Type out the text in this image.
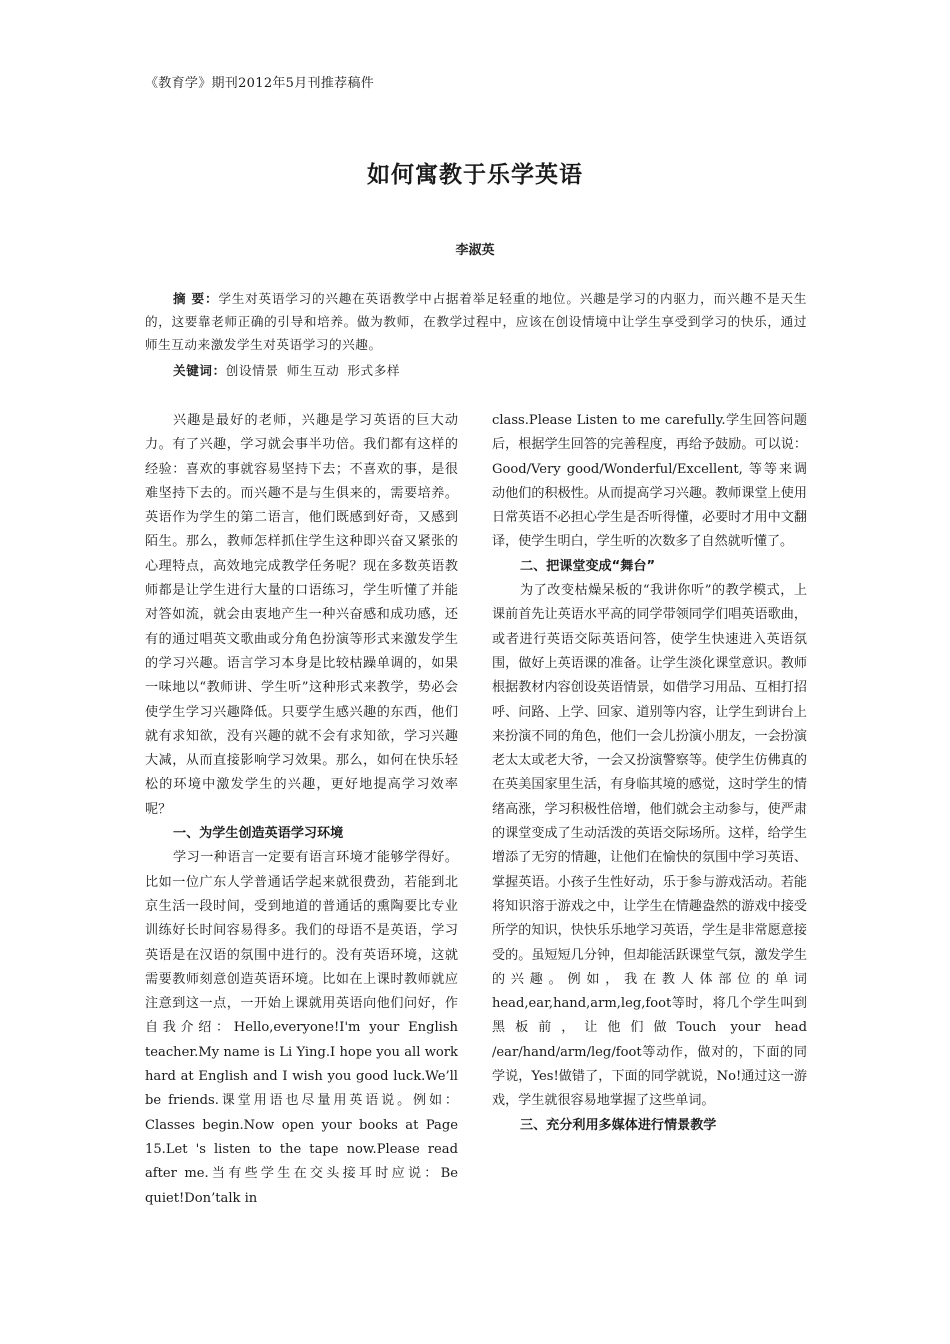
《教育学》期刊2012年5月刊推荐稿件
如何寓教于乐学英语
李淑英
摘 要：学生对英语学习的兴趣在英语教学中占据着举足轻重的地位。兴趣是学习的内驱力，而兴趣不是天生的，这要靠老师正确的引导和培养。做为教师，在教学过程中，应该在创设情境中让学生享受到学习的快乐，通过师生互动来激发学生对英语学习的兴趣。
关键词：创设情景 师生互动 形式多样

兴趣是最好的老师，兴趣是学习英语的巨大动力。有了兴趣，学习就会事半功倍。我们都有这样的经验：喜欢的事就容易坚持下去；不喜欢的事，是很难坚持下去的。而兴趣不是与生俱来的，需要培养。英语作为学生的第二语言，他们既感到好奇，又感到陌生。那么，教师怎样抓住学生这种即兴奋又紧张的心理特点，高效地完成教学任务呢？现在多数英语教师都是让学生进行大量的口语练习，学生听懂了并能对答如流，就会由衷地产生一种兴奋感和成功感，还有的通过唱英文歌曲或分角色扮演等形式来激发学生的学习兴趣。语言学习本身是比较枯躁单调的，如果一味地以“教师讲、学生听”这种形式来教学，势必会使学生学习兴趣降低。只要学生感兴趣的东西，他们就有求知欲，没有兴趣的就不会有求知欲，学习兴趣大减，从而直接影响学习效果。那么，如何在快乐轻松的环境中激发学生的兴趣，更好地提高学习效率呢？

一、为学生创造英语学习环境

学习一种语言一定要有语言环境才能够学得好。比如一位广东人学普通话学起来就很费劲，若能到北京生活一段时间，受到地道的普通话的熏陶要比专业训练好长时间容易得多。我们的母语不是英语，学习英语是在汉语的氛围中进行的。没有英语环境，这就需要教师刻意创造英语环境。比如在上课时教师就应注意到这一点，一开始上课就用英语向他们问好，作自我介绍：Hello,everyone!I'm your English teacher.My name is Li Ying.I hope you all work hard at English and I wish you good luck.We’ll be friends.课堂用语也尽量用英语说。例如：Classes begin.Now open your books at Page 15.Let 's listen to the tape now.Please read after me.当有些学生在交头接耳时应说：Be quiet!Don’talk in

class.Please Listen to me carefully.学生回答问题后，根据学生回答的完善程度，再给予鼓励。可以说：Good/Very good/Wonderful/Excellent, 等等来调动他们的积极性。从而提高学习兴趣。教师课堂上使用日常英语不必担心学生是否听得懂，必要时才用中文翻译，使学生明白，学生听的次数多了自然就听懂了。

二、把课堂变成“舞台”

为了改变枯燥呆板的“我讲你听”的教学模式，上课前首先让英语水平高的同学带领同学们唱英语歌曲，或者进行英语交际英语问答，使学生快速进入英语氛围，做好上英语课的准备。让学生淡化课堂意识。教师根据教材内容创设英语情景，如借学习用品、互相打招呼、问路、上学、回家、道别等内容，让学生到讲台上来扮演不同的角色，他们一会儿扮演小朋友，一会扮演老太太或老大爷，一会又扮演警察等。使学生仿佛真的在英美国家里生活，有身临其境的感觉，这时学生的情绪高涨，学习积极性倍增，他们就会主动参与，使严肃的课堂变成了生动活泼的英语交际场所。这样，给学生增添了无穷的情趣，让他们在愉快的氛围中学习英语、掌握英语。小孩子生性好动，乐于参与游戏活动。若能将知识溶于游戏之中，让学生在情趣盎然的游戏中接受所学的知识，快快乐乐地学习英语，学生是非常愿意接受的。虽短短几分钟，但却能活跃课堂气氛，激发学生的兴趣。例如，我在教人体部位的单词head,ear,hand,arm,leg,foot等时，将几个学生叫到黑板前，让他们做Touch your head /ear/hand/arm/leg/foot等动作，做对的，下面的同学说，Yes!做错了，下面的同学就说，No!通过这一游戏，学生就很容易地掌握了这些单词。

三、充分利用多媒体进行情景教学
